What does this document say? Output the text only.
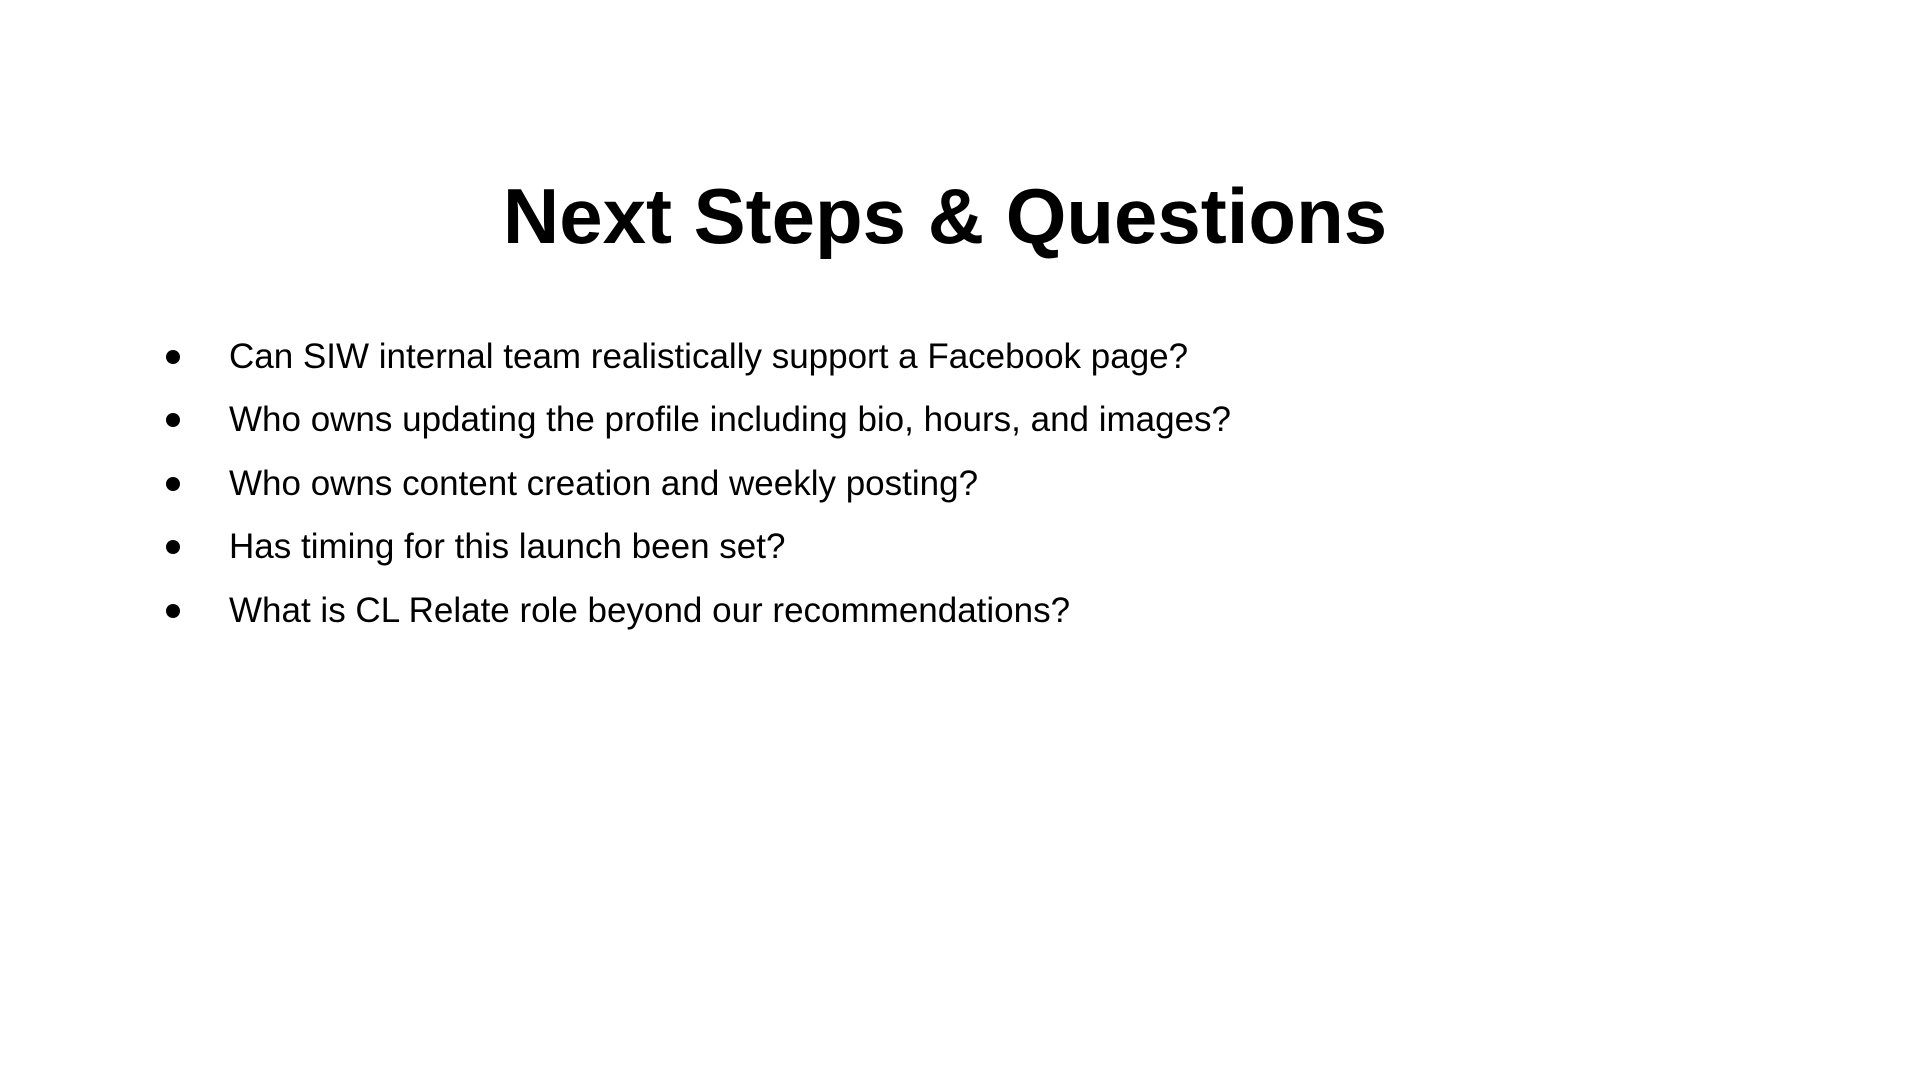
Next Steps & Questions
Can SIW internal team realistically support a Facebook page?
Who owns updating the profile including bio, hours, and images?
Who owns content creation and weekly posting?
Has timing for this launch been set?
What is CL Relate role beyond our recommendations?
